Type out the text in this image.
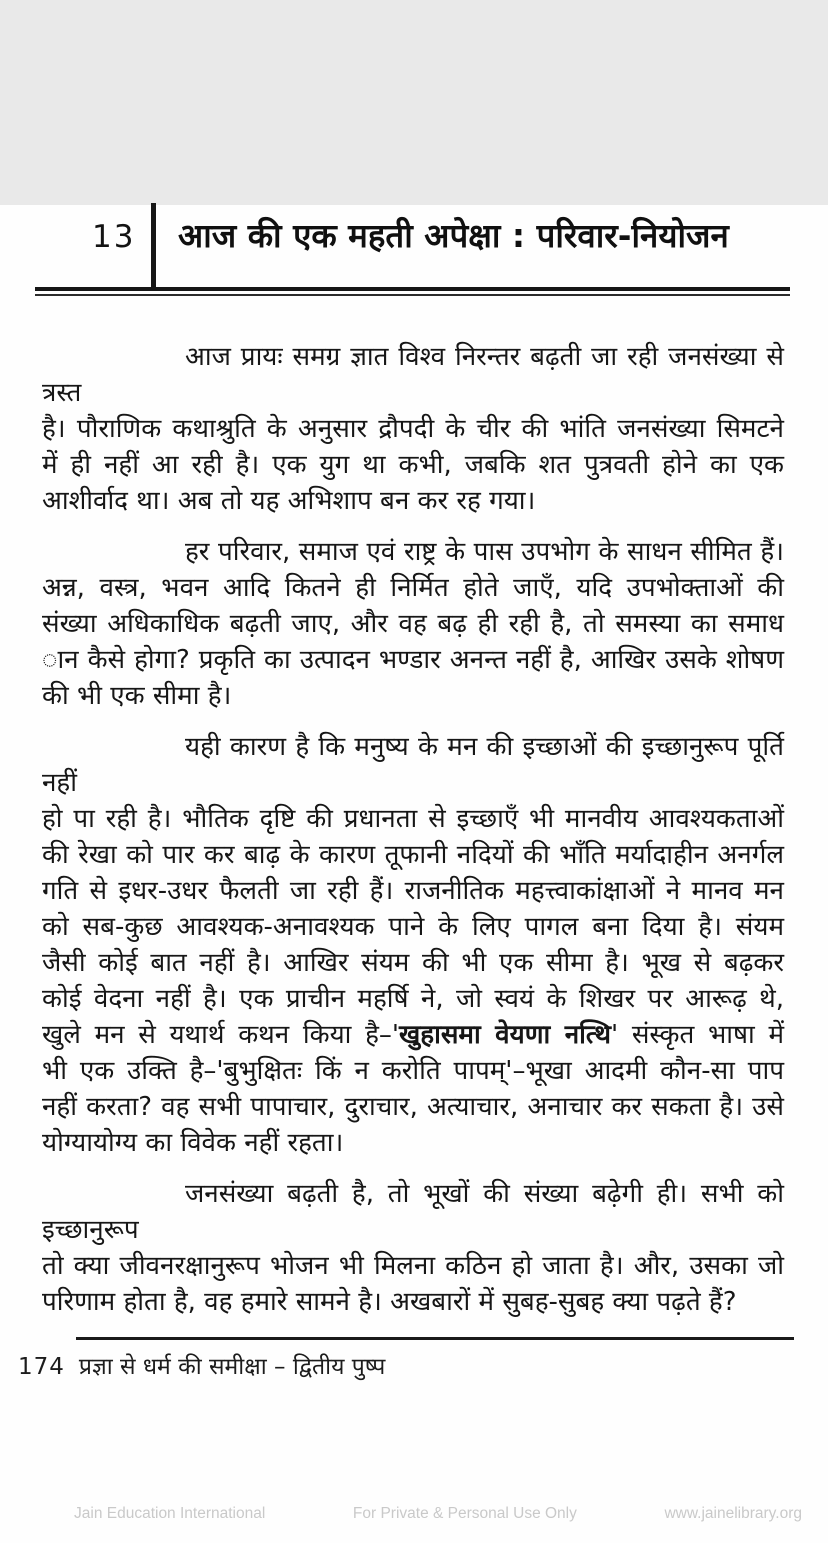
13 आज की एक महती अपेक्षा : परिवार-नियोजन
आज प्रायः समग्र ज्ञात विश्व निरन्तर बढ़ती जा रही जनसंख्या से त्रस्त
है। पौराणिक कथाश्रुति के अनुसार द्रौपदी के चीर की भांति जनसंख्या सिमटने
में ही नहीं आ रही है। एक युग था कभी, जबकि शत पुत्रवती होने का एक
आशीर्वाद था। अब तो यह अभिशाप बन कर रह गया।
हर परिवार, समाज एवं राष्ट्र के पास उपभोग के साधन सीमित हैं।
अन्न, वस्त्र, भवन आदि कितने ही निर्मित होते जाएँ, यदि उपभोक्ताओं की
संख्या अधिकाधिक बढ़ती जाए, और वह बढ़ ही रही है, तो समस्या का समाध
ान कैसे होगा? प्रकृति का उत्पादन भण्डार अनन्त नहीं है, आखिर उसके शोषण
की भी एक सीमा है।
यही कारण है कि मनुष्य के मन की इच्छाओं की इच्छानुरूप पूर्ति नहीं
हो पा रही है। भौतिक दृष्टि की प्रधानता से इच्छाएँ भी मानवीय आवश्यकताओं
की रेखा को पार कर बाढ़ के कारण तूफानी नदियों की भाँति मर्यादाहीन अनर्गल
गति से इधर-उधर फैलती जा रही हैं। राजनीतिक महत्त्वाकांक्षाओं ने मानव मन
को सब-कुछ आवश्यक-अनावश्यक पाने के लिए पागल बना दिया है। संयम
जैसी कोई बात नहीं है। आखिर संयम की भी एक सीमा है। भूख से बढ़कर
कोई वेदना नहीं है। एक प्राचीन महर्षि ने, जो स्वयं के शिखर पर आरूढ़ थे,
खुले मन से यथार्थ कथन किया है–'खुहासमा वेयणा नत्थि' संस्कृत भाषा में
भी एक उक्ति है–'बुभुक्षितः किं न करोति पापम्'–भूखा आदमी कौन-सा पाप
नहीं करता? वह सभी पापाचार, दुराचार, अत्याचार, अनाचार कर सकता है। उसे
योग्यायोग्य का विवेक नहीं रहता।
जनसंख्या बढ़ती है, तो भूखों की संख्या बढ़ेगी ही। सभी को इच्छानुरूप
तो क्या जीवनरक्षानुरूप भोजन भी मिलना कठिन हो जाता है। और, उसका जो
परिणाम होता है, वह हमारे सामने है। अखबारों में सुबह-सुबह क्या पढ़ते हैं?
174 प्रज्ञा से धर्म की समीक्षा – द्वितीय पुष्प
Jain Education International	For Private & Personal Use Only	www.jainelibrary.org
